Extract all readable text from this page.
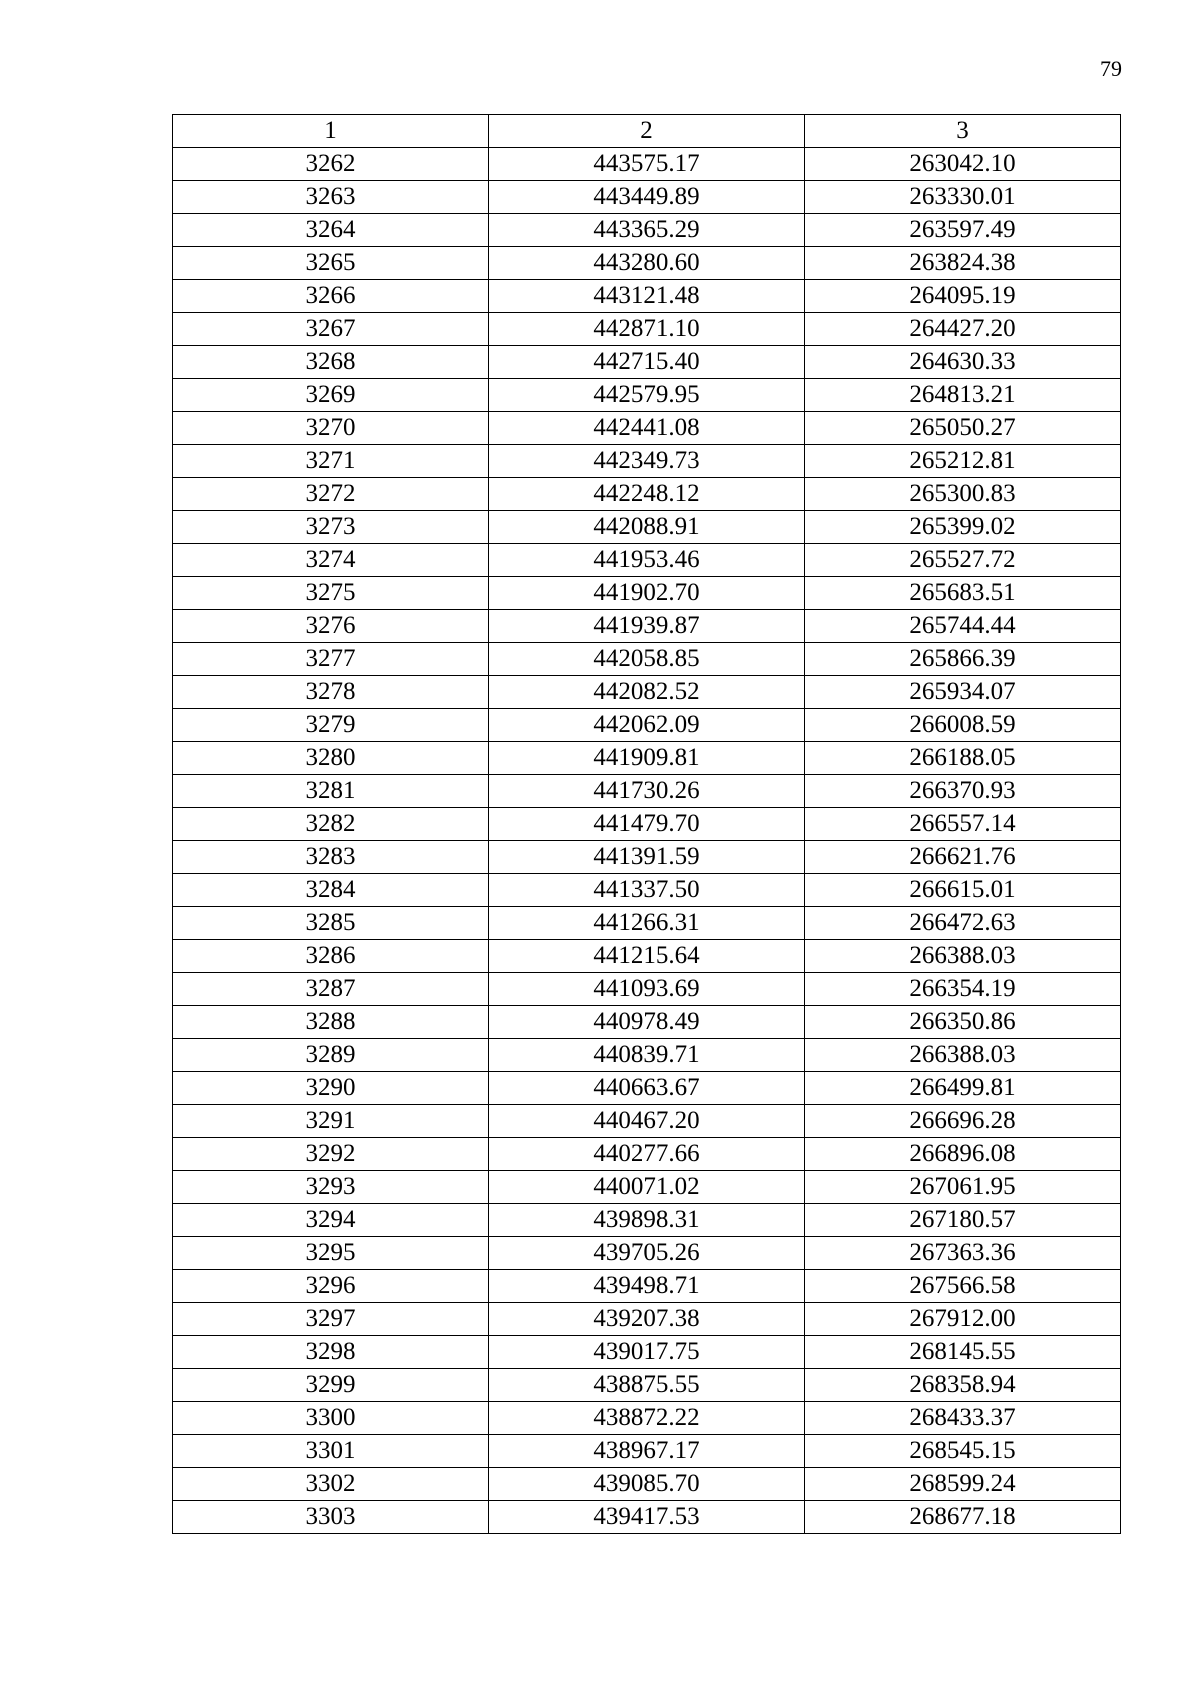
79
1	2	3
3262	443575.17	263042.10
3263	443449.89	263330.01
3264	443365.29	263597.49
3265	443280.60	263824.38
3266	443121.48	264095.19
3267	442871.10	264427.20
3268	442715.40	264630.33
3269	442579.95	264813.21
3270	442441.08	265050.27
3271	442349.73	265212.81
3272	442248.12	265300.83
3273	442088.91	265399.02
3274	441953.46	265527.72
3275	441902.70	265683.51
3276	441939.87	265744.44
3277	442058.85	265866.39
3278	442082.52	265934.07
3279	442062.09	266008.59
3280	441909.81	266188.05
3281	441730.26	266370.93
3282	441479.70	266557.14
3283	441391.59	266621.76
3284	441337.50	266615.01
3285	441266.31	266472.63
3286	441215.64	266388.03
3287	441093.69	266354.19
3288	440978.49	266350.86
3289	440839.71	266388.03
3290	440663.67	266499.81
3291	440467.20	266696.28
3292	440277.66	266896.08
3293	440071.02	267061.95
3294	439898.31	267180.57
3295	439705.26	267363.36
3296	439498.71	267566.58
3297	439207.38	267912.00
3298	439017.75	268145.55
3299	438875.55	268358.94
3300	438872.22	268433.37
3301	438967.17	268545.15
3302	439085.70	268599.24
3303	439417.53	268677.18
